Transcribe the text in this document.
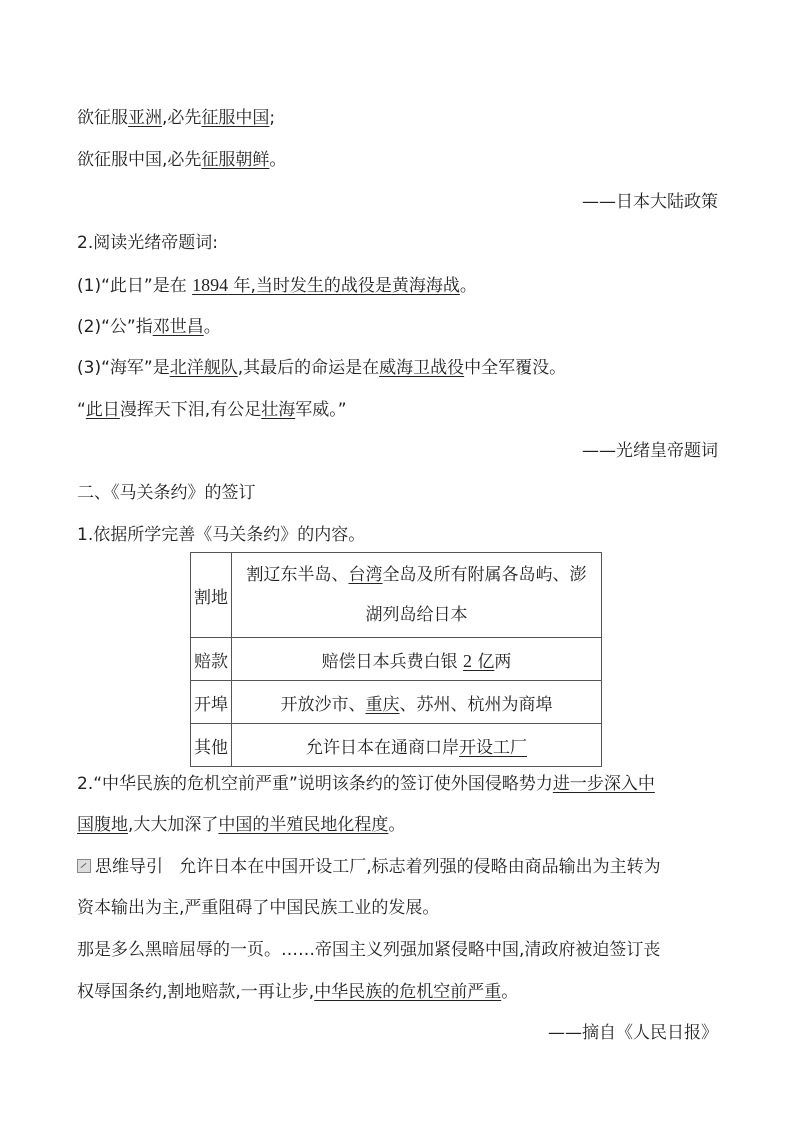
欲征服亚洲,必先征服中国;
欲征服中国,必先征服朝鲜。
——日本大陆政策
2.阅读光绪帝题词:
(1)“此日”是在 1894 年,当时发生的战役是黄海海战。
(2)“公”指邓世昌。
(3)“海军”是北洋舰队,其最后的命运是在威海卫战役中全军覆没。
“此日漫挥天下泪,有公足壮海军威。”
——光绪皇帝题词
二、《马关条约》的签订
1.依据所学完善《马关条约》的内容。
割地	割辽东半岛、台湾全岛及所有附属各岛屿、澎
湖列岛给日本

赔款	赔偿日本兵费白银 2 亿两
开埠	开放沙市、重庆、苏州、杭州为商埠
其他	允许日本在通商口岸开设工厂
2.“中华民族的危机空前严重”说明该条约的签订使外国侵略势力进一步深入中
国腹地,大大加深了中国的半殖民地化程度。
思维导引 允许日本在中国开设工厂,标志着列强的侵略由商品输出为主转为
资本输出为主,严重阻碍了中国民族工业的发展。
那是多么黑暗屈辱的一页。……帝国主义列强加紧侵略中国,清政府被迫签订丧
权辱国条约,割地赔款,一再让步,中华民族的危机空前严重。
——摘自《人民日报》
